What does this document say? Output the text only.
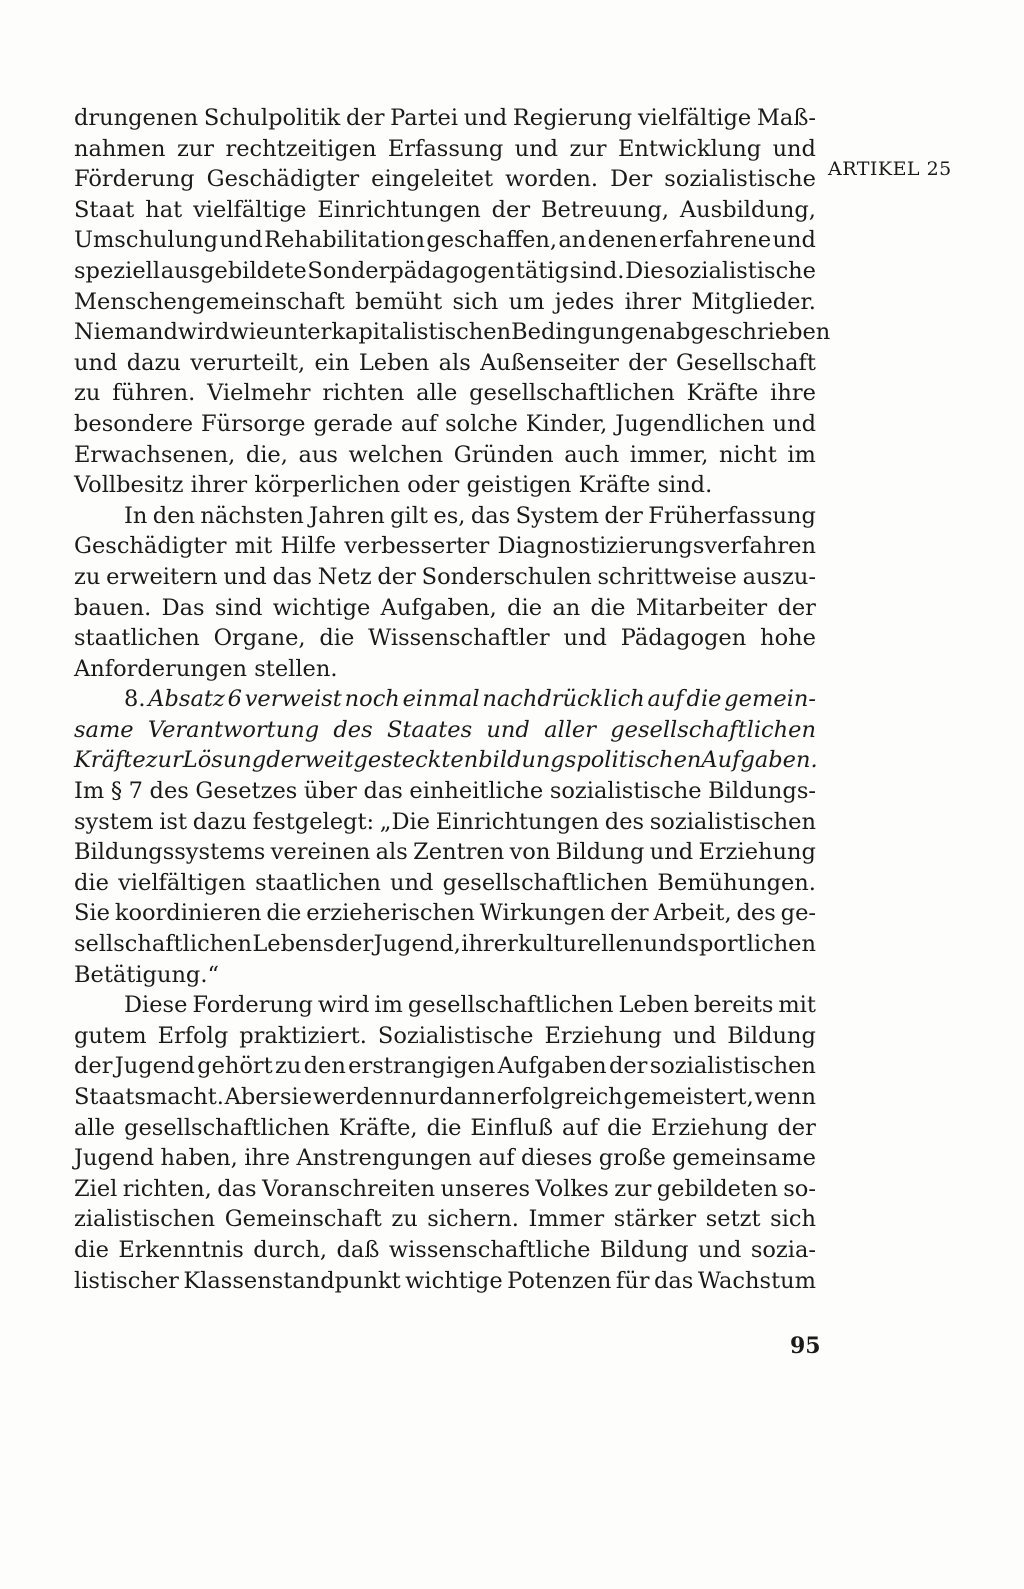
drungenen Schulpolitik der Partei und Regierung vielfältige Maß-
nahmen zur rechtzeitigen Erfassung und zur Entwicklung und
Förderung Geschädigter eingeleitet worden. Der sozialistische
Staat hat vielfältige Einrichtungen der Betreuung, Ausbildung,
Umschulung und Rehabilitation geschaffen, an denen erfahrene und
speziell ausgebildete Sonderpädagogen tätig sind. Die sozialistische
Menschengemeinschaft bemüht sich um jedes ihrer Mitglieder.
Niemand wird wie unter kapitalistischen Bedingungen abgeschrieben
und dazu verurteilt, ein Leben als Außenseiter der Gesellschaft
zu führen. Vielmehr richten alle gesellschaftlichen Kräfte ihre
besondere Fürsorge gerade auf solche Kinder, Jugendlichen und
Erwachsenen, die, aus welchen Gründen auch immer, nicht im
Vollbesitz ihrer körperlichen oder geistigen Kräfte sind.
In den nächsten Jahren gilt es, das System der Früherfassung
Geschädigter mit Hilfe verbesserter Diagnostizierungsverfahren
zu erweitern und das Netz der Sonderschulen schrittweise auszu-
bauen. Das sind wichtige Aufgaben, die an die Mitarbeiter der
staatlichen Organe, die Wissenschaftler und Pädagogen hohe
Anforderungen stellen.
8. Absatz 6 verweist noch einmal nachdrücklich auf die gemein-
same Verantwortung des Staates und aller gesellschaftlichen
Kräfte zur Lösung der weitgesteckten bildungspolitischen Aufgaben.
Im § 7 des Gesetzes über das einheitliche sozialistische Bildungs-
system ist dazu festgelegt: „Die Einrichtungen des sozialistischen
Bildungssystems vereinen als Zentren von Bildung und Erziehung
die vielfältigen staatlichen und gesellschaftlichen Bemühungen.
Sie koordinieren die erzieherischen Wirkungen der Arbeit, des ge-
sellschaftlichen Lebens der Jugend, ihrer kulturellen und sportlichen
Betätigung.“
Diese Forderung wird im gesellschaftlichen Leben bereits mit
gutem Erfolg praktiziert. Sozialistische Erziehung und Bildung
der Jugend gehört zu den erstrangigen Aufgaben der sozialistischen
Staatsmacht. Aber sie werden nur dann erfolgreich gemeistert, wenn
alle gesellschaftlichen Kräfte, die Einfluß auf die Erziehung der
Jugend haben, ihre Anstrengungen auf dieses große gemeinsame
Ziel richten, das Voranschreiten unseres Volkes zur gebildeten so-
zialistischen Gemeinschaft zu sichern. Immer stärker setzt sich
die Erkenntnis durch, daß wissenschaftliche Bildung und sozia-
listischer Klassenstandpunkt wichtige Potenzen für das Wachstum
ARTIKEL 25
95
